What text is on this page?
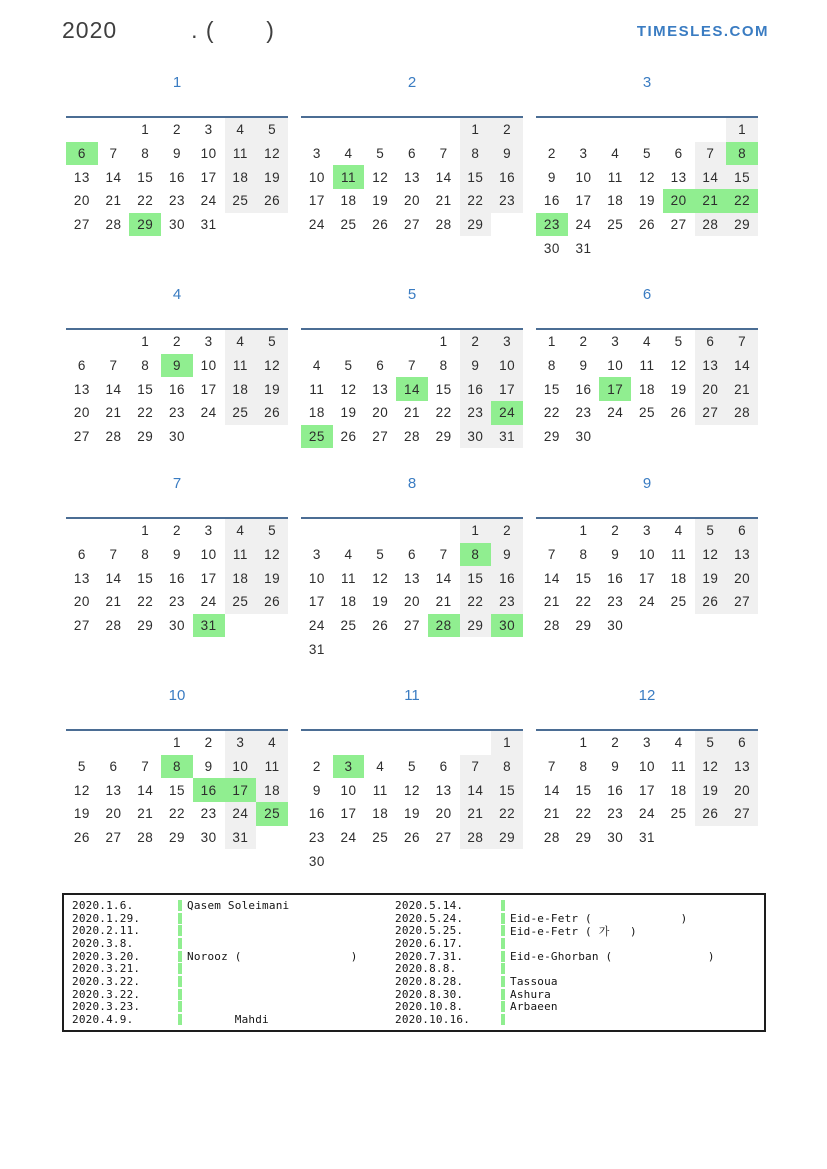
2020          . (       )	TIMESLES.COM
1
		1	2	3	4	5
6	7	8	9	10	11	12
13	14	15	16	17	18	19
20	21	22	23	24	25	26
27	28	29	30	31		
2
					1	2
3	4	5	6	7	8	9
10	11	12	13	14	15	16
17	18	19	20	21	22	23
24	25	26	27	28	29	
3
						1
2	3	4	5	6	7	8
9	10	11	12	13	14	15
16	17	18	19	20	21	22
23	24	25	26	27	28	29
30	31					
4
		1	2	3	4	5
6	7	8	9	10	11	12
13	14	15	16	17	18	19
20	21	22	23	24	25	26
27	28	29	30			
5
				1	2	3
4	5	6	7	8	9	10
11	12	13	14	15	16	17
18	19	20	21	22	23	24
25	26	27	28	29	30	31
6
1	2	3	4	5	6	7
8	9	10	11	12	13	14
15	16	17	18	19	20	21
22	23	24	25	26	27	28
29	30					
7
		1	2	3	4	5
6	7	8	9	10	11	12
13	14	15	16	17	18	19
20	21	22	23	24	25	26
27	28	29	30	31		
8
					1	2
3	4	5	6	7	8	9
10	11	12	13	14	15	16
17	18	19	20	21	22	23
24	25	26	27	28	29	30
31						
9
	1	2	3	4	5	6
7	8	9	10	11	12	13
14	15	16	17	18	19	20
21	22	23	24	25	26	27
28	29	30				
10
			1	2	3	4
5	6	7	8	9	10	11
12	13	14	15	16	17	18
19	20	21	22	23	24	25
26	27	28	29	30	31	
11
						1
2	3	4	5	6	7	8
9	10	11	12	13	14	15
16	17	18	19	20	21	22
23	24	25	26	27	28	29
30						
12
	1	2	3	4	5	6
7	8	9	10	11	12	13
14	15	16	17	18	19	20
21	22	23	24	25	26	27
28	29	30	31			
2020.1.6.	Qasem Soleimani
2020.1.29.
2020.2.11.
2020.3.8.
2020.3.20.	Norooz (                )
2020.3.21.
2020.3.22.
2020.3.22.
2020.3.23.
2020.4.9.	Mahdi
2020.5.14.
2020.5.24.	Eid-e-Fetr (             )
2020.5.25.	Eid-e-Fetr ( 가   )
2020.6.17.
2020.7.31.	Eid-e-Ghorban (              )
2020.8.8.
2020.8.28.	Tassoua
2020.8.30.	Ashura
2020.10.8.	Arbaeen
2020.10.16.
